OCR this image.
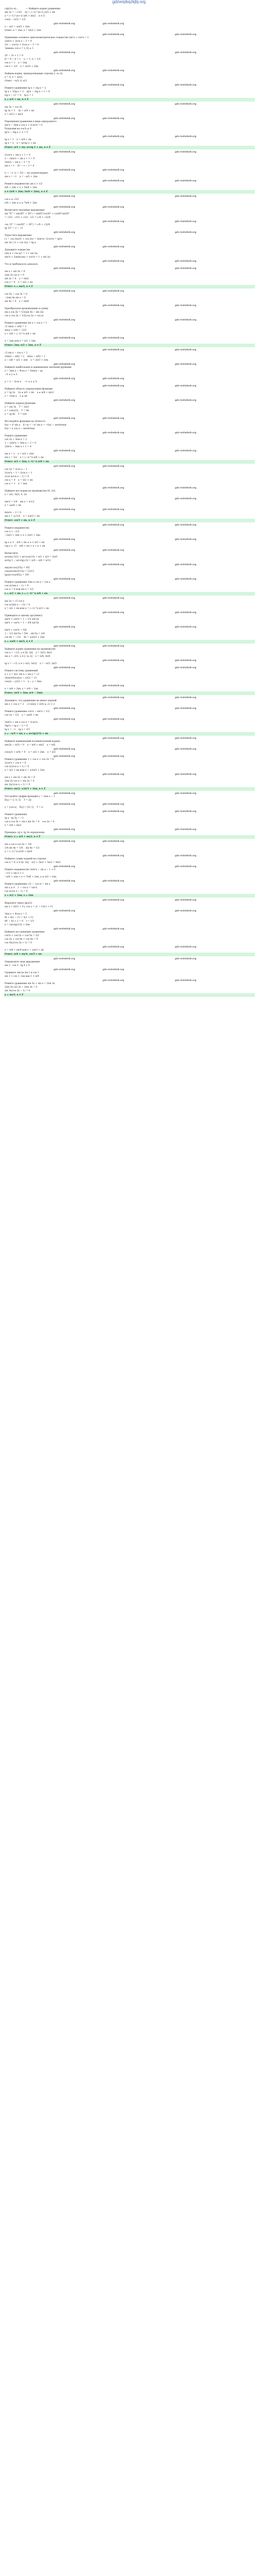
gdzwrpbqzkjbj.org
ctg(2x+π)…          — Найдите корни уравнения
sin 2x = −√3/2    2x = (−1)^(n+1) π/3 + πn
x = (−1)^(n+1) π/6 + πn/2    n ∈ Z
cos(x − π/3) = 1/2
gdz-reshebnik.org	gdz-reshebnik.org
x − π/3 = ±π/3 + 2πn
Ответ: x = 2πn, x = 2π/3 + 2πn
gdz-reshebnik.org	gdz-reshebnik.org
Применим основное тригонометрическое тождество sin²x + cos²x = 1
2sin²x + 3cos x − 3 = 0
2(1 − cos²x) + 3cos x − 3 = 0
Замена: cos x = t, |t| ≤ 1
gdz-reshebnik.org
gdz-reshebnik.org
2t² − 3t + 1 = 0
D = 9 − 8 = 1    t₁ = 1, t₂ = 1/2
cos x = 1    x = 2πn
cos x = 1/2    x = ±π/3 + 2πn
gdz-reshebnik.org	gdz-reshebnik.org
Найдем корни, принадлежащие отрезку [−π; π]
x = 0, x = ±π/3
Ответ: −π/3; 0; π/3
gdz-reshebnik.org	gdz-reshebnik.org
Решите уравнение tg x + ctg x = 2
tg x + 1/tg x = 2    tg²x − 2tg x + 1 = 0
(tg x − 1)² = 0    tg x = 1
x = π/4 + πn, n ∈ Z
gdz-reshebnik.org
gdz-reshebnik.org
sin 3x = cos 3x
tg 3x = 1    3x = π/4 + πn
x = π/12 + πn/3
gdz-reshebnik.org	gdz-reshebnik.org
Перепишем уравнение в виде однородного
sin²x − 3sin x cos x + 2cos²x = 0
Разделим на cos²x ≠ 0
tg²x − 3tg x + 2 = 0
gdz-reshebnik.org	gdz-reshebnik.org
tg x = 1    x = π/4 + πn
tg x = 2    x = arctg 2 + πn
Ответ: π/4 + πn; arctg 2 + πn, n ∈ Z
gdz-reshebnik.org
gdz-reshebnik.org
2cos²x + sin x + 1 = 0
2 − 2sin²x + sin x + 1 = 0
2sin²x − sin x − 3 = 0
sin x = t    2t² − t − 3 = 0
gdz-reshebnik.org	gdz-reshebnik.org
t₁ = −1, t₂ = 3/2 — не удовлетворяет
sin x = −1    x = −π/2 + 2πn
gdz-reshebnik.org	gdz-reshebnik.org
Решите неравенство sin x > 1/2
π/6 + 2πn < x < 5π/6 + 2πn
x ∈ (π/6 + 2πn; 5π/6 + 2πn), n ∈ Z
gdz-reshebnik.org
gdz-reshebnik.org
cos x ≤ √2/2
π/4 + 2πn ≤ x ≤ 7π/4 + 2πn
gdz-reshebnik.org	gdz-reshebnik.org
Вычислите значение выражения
sin 75° = sin(45° + 30°) = sin45°cos30° + cos45°sin30°
= √2/2 · √3/2 + √2/2 · 1/2 = (√6 + √2)/4
gdz-reshebnik.org	gdz-reshebnik.org
cos 15° = cos(45° − 30°) = (√6 + √2)/4
tg 15° = 2 − √3
gdz-reshebnik.org
gdz-reshebnik.org
Упростите выражение
(1 − cos 2α)/(1 + cos 2α) = 2sin²α / 2cos²α = tg²α
sin 2α / (1 + cos 2α) = tg α
gdz-reshebnik.org	gdz-reshebnik.org
Докажите тождество
(sin α + cos α)² = 1 + sin 2α
sin²α + 2sinαcosα + cos²α = 1 + sin 2α
gdz-reshebnik.org	gdz-reshebnik.org
Что и требовалось доказать
gdz-reshebnik.org
gdz-reshebnik.org
sin x + sin 3x = 0
2sin 2x cos x = 0
sin 2x = 0    x = πn/2
cos x = 0    x = π/2 + πn
Ответ: x = πn/2, n ∈ Z
gdz-reshebnik.org	gdz-reshebnik.org
cos 5x − cos 3x = 0
−2sin 4x sin x = 0
sin 4x = 0    x = πn/4
gdz-reshebnik.org	gdz-reshebnik.org
Преобразуем произведение в сумму
sin x cos 3x = 1/2(sin 4x − sin 2x)
cos x cos 2x = 1/2(cos 3x + cos x)
gdz-reshebnik.org
gdz-reshebnik.org
Решите уравнение sin x + cos x = 1
√2 sin(x + π/4) = 1
sin(x + π/4) = √2/2
x + π/4 = (−1)^n π/4 + πn
gdz-reshebnik.org	gdz-reshebnik.org
x = 2πn или x = π/2 + 2πn
Ответ: 2πn; π/2 + 2πn, n ∈ Z
gdz-reshebnik.org	gdz-reshebnik.org
√3 sin x − cos x = 2
2sin(x − π/6) = 2    sin(x − π/6) = 1
x − π/6 = π/2 + 2πn    x = 2π/3 + 2πn
gdz-reshebnik.org
gdz-reshebnik.org
Найдите наибольшее и наименьшее значение функции
y = 3sin x − 4cos x = 5sin(x − φ)
−5 ≤ y ≤ 5
gdz-reshebnik.org	gdz-reshebnik.org
y = 2 − 3cos x    −1 ≤ y ≤ 5
gdz-reshebnik.org	gdz-reshebnik.org
Найдите область определения функции
y = tg 2x    2x ≠ π/2 + πn    x ≠ π/4 + πn/2
y = 1/sin x    x ≠ πn
gdz-reshebnik.org
gdz-reshebnik.org
Найдите период функции
y = sin 3x    T = 2π/3
y = cos(x/2)    T = 4π
y = tg 4x    T = π/4
gdz-reshebnik.org	gdz-reshebnik.org
Исследуйте функцию на чётность
f(x) = x² sin x    f(−x) = −x² sin x = −f(x) — нечётная
f(x) = x cos x — нечётная
gdz-reshebnik.org	gdz-reshebnik.org
Решите уравнение
cos 2x + 3sin x = 2
1 − 2sin²x + 3sin x − 2 = 0
2sin²x − 3sin x + 1 = 0
gdz-reshebnik.org
gdz-reshebnik.org
sin x = 1    x = π/2 + 2πn
sin x = 1/2    x = (−1)^n π/6 + πn
Ответ: π/2 + 2πn; (−1)^n π/6 + πn
gdz-reshebnik.org	gdz-reshebnik.org
cos 2x = 2cos x − 1
2cos²x − 1 = 2cos x − 1
2cos x(cos x − 1) = 0
cos x = 0    x = π/2 + πn
cos x = 1    x = 2πn
gdz-reshebnik.org	gdz-reshebnik.org
Найдите все корни на промежутке [0; 2π]
x = π/2, 3π/2, 0, 2π
gdz-reshebnik.org
gdz-reshebnik.org
sin²x = 1/4    sin x = ±1/2
x = ±π/6 + πn
gdz-reshebnik.org	gdz-reshebnik.org
4sin²x − 3 = 0
sin x = ±√3/2    x = ±π/3 + πn
Ответ: ±π/3 + πn, n ∈ Z
gdz-reshebnik.org	gdz-reshebnik.org
Решите неравенство
cos x > −1/2
−2π/3 + 2πn < x < 2π/3 + 2πn
gdz-reshebnik.org
gdz-reshebnik.org
tg x ≥ 1    π/4 + πn ≤ x < π/2 + πn
ctg x < √3    π/6 + πn < x < π + πn
gdz-reshebnik.org	gdz-reshebnik.org
Вычислите
arcsin(√3/2) + arccos(1/2) = π/3 + π/3 = 2π/3
arctg 1 − arcctg(√3) = π/4 − π/6 = π/12
gdz-reshebnik.org	gdz-reshebnik.org
sin(arccos(3/5)) = 4/5
cos(arcsin(5/13)) = 12/13
tg(arccos(4/5)) = 3/4
gdz-reshebnik.org
gdz-reshebnik.org
Решите уравнение 2sin x cos x = cos x
cos x(2sin x − 1) = 0
cos x = 0 или sin x = 1/2
x = π/2 + πn; x = (−1)^n π/6 + πn
gdz-reshebnik.org	gdz-reshebnik.org
sin 2x = √3 cos x
cos x(2sin x − √3) = 0
x = π/2 + πn или x = (−1)^n π/3 + πn
gdz-reshebnik.org	gdz-reshebnik.org
Приведите к одному аргументу
sin⁴x + cos⁴x = 1 − 1/2 sin²2x
sin⁶x + cos⁶x = 1 − 3/4 sin²2x
gdz-reshebnik.org
gdz-reshebnik.org
sin⁴x + cos⁴x = 5/8
1 − 1/2 sin²2x = 5/8    sin²2x = 3/4
cos 4x = −1/2    4x = ±2π/3 + 2πn
x = ±π/6 + πn/2, n ∈ Z
gdz-reshebnik.org	gdz-reshebnik.org
Найдите корни уравнения на промежутке
cos x = −1/2, x ∈ [0; 2π]    x = 2π/3, 4π/3
sin x = √2/2, x ∈ [−π; π]    x = π/4, 3π/4
gdz-reshebnik.org	gdz-reshebnik.org
tg x = −√3, x ∈ (−π/2; 3π/2)    x = −π/3, 2π/3
gdz-reshebnik.org
gdz-reshebnik.org
Решите систему уравнений
x + y = π/2, sin x + sin y = √2
2sin(π/4)cos((x − y)/2) = √2
cos((x − y)/2) = 1    x − y = 4πn
gdz-reshebnik.org	gdz-reshebnik.org
x = π/4 + 2πn, y = π/4 − 2πn
Ответ: (π/4 + 2πn; π/4 − 2πn)
gdz-reshebnik.org	gdz-reshebnik.org
Докажите, что уравнение не имеет корней
sin x + cos x = 2    √2 sin(x + π/4) ≤ √2 < 2
gdz-reshebnik.org
gdz-reshebnik.org
Решите уравнение cos²x − sin²x = 1/2
cos 2x = 1/2    x = ±π/6 + πn
gdz-reshebnik.org	gdz-reshebnik.org
3sin²x + sin x cos x = 2cos²x
3tg²x + tg x − 2 = 0
tg x = −1    tg x = 2/3
x = −π/4 + πn; x = arctg(2/3) + πn
gdz-reshebnik.org	gdz-reshebnik.org
Найдите наименьший положительный корень
sin(2x − π/3) = 0    x = π/6 + πn/2    x = π/6
gdz-reshebnik.org
gdz-reshebnik.org
cos(x/2 + π/4) = 0    x = π/2 + 2πn    x = π/2
gdz-reshebnik.org	gdz-reshebnik.org
Решите уравнение 1 + cos x + cos 2x = 0
2cos²x + cos x = 0
cos x(2cos x + 1) = 0
x = π/2 + πn или x = ±2π/3 + 2πn
gdz-reshebnik.org	gdz-reshebnik.org
sin x + sin 2x + sin 3x = 0
2sin 2x cos x + sin 2x = 0
sin 2x(2cos x + 1) = 0
Ответ: πn/2; ±2π/3 + 2πn, n ∈ Z
gdz-reshebnik.org
gdz-reshebnik.org
Постройте график функции y = 2sin x − 1
E(y) = [−3; 1]    T = 2π
gdz-reshebnik.org	gdz-reshebnik.org
y = |cos x|    E(y) = [0; 1]    T = π
gdz-reshebnik.org	gdz-reshebnik.org
Решите уравнение
tg x · tg 3x = −1
cos x cos 3x + sin x sin 3x = 0    cos 2x = 0
x = π/4 + πn/2
gdz-reshebnik.org
gdz-reshebnik.org
Проверка: tg x, tg 3x определены
Ответ: x = π/4 + πn/2, n ∈ Z
gdz-reshebnik.org	gdz-reshebnik.org
sin x cos x cos 2x = 1/8
1/4 sin 4x = 1/8    sin 4x = 1/2
x = (−1)^n π/24 + πn/4
gdz-reshebnik.org	gdz-reshebnik.org
Найдите сумму корней на отрезке
cos x = 0, x ∈ [0; 3π]    π/2 + 3π/2 + 5π/2 = 9π/2
gdz-reshebnik.org
gdz-reshebnik.org
Решите неравенство 2sin²x − sin x − 1 < 0
−1/2 < sin x < 1
−π/6 + 2πn < x < 7π/6 + 2πn, x ≠ π/2 + 2πn
gdz-reshebnik.org	gdz-reshebnik.org
Решите уравнение √(1 − cos x) = sin x
sin x ≥ 0    1 − cos x = sin²x
cos x(cos x − 1) = 0
x = π/2 + 2πn; x = 2πn
gdz-reshebnik.org	gdz-reshebnik.org
Выразите через tg(x/2)
sin x = 2t/(1 + t²), cos x = (1 − t²)/(1 + t²)
gdz-reshebnik.org
gdz-reshebnik.org
3sin x + 4cos x = 5
6t + 4(1 − t²) = 5(1 + t²)
9t² − 6t + 1 = 0    t = 1/3
x = 2arctg(1/3) + 2πn
gdz-reshebnik.org	gdz-reshebnik.org
Найдите все решения уравнения
cos²x + cos²2x + cos²3x = 3/2
cos 2x + cos 4x + cos 6x = 0
cos 4x(2cos 2x + 1) = 0
gdz-reshebnik.org	gdz-reshebnik.org
x = π/8 + πn/4 или x = ±π/3 + πn
Ответ: π/8 + πn/4; ±π/3 + πn
gdz-reshebnik.org
gdz-reshebnik.org
Определите знак выражения
sin 2 · cos 3 · tg 4 < 0
gdz-reshebnik.org	gdz-reshebnik.org
Сравните числа sin 1 и cos 1
sin 1 > cos 1, так как 1 > π/4
gdz-reshebnik.org	gdz-reshebnik.org
Решите уравнение sin 5x + sin x = 2sin 3x
2sin 3x cos 2x − 2sin 3x = 0
sin 3x(cos 2x − 1) = 0
x = πn/3, n ∈ Z
